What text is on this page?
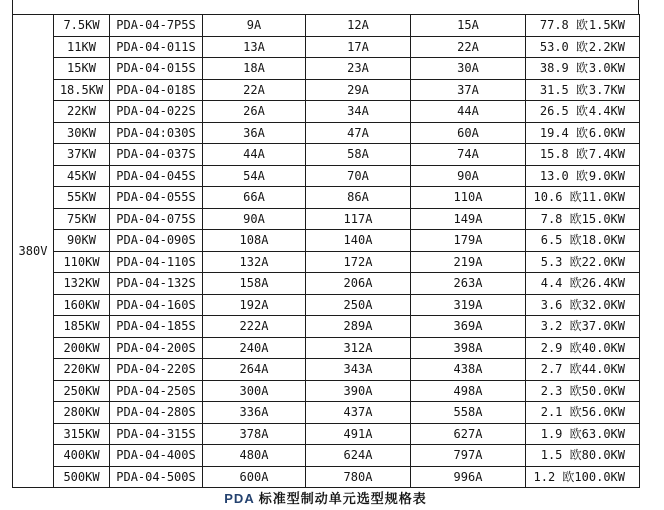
380V	7.5KW	PDA-04-7P5S	9A	12A	15A	77.8 欧 1.5KW

	11KW	PDA-04-011S	13A	17A	22A	53.0 欧 2.2KW

	15KW	PDA-04-015S	18A	23A	30A	38.9 欧 3.0KW

	18.5KW	PDA-04-018S	22A	29A	37A	31.5 欧 3.7KW

	22KW	PDA-04-022S	26A	34A	44A	26.5 欧 4.4KW

	30KW	PDA-04:030S	36A	47A	60A	19.4 欧 6.0KW

	37KW	PDA-04-037S	44A	58A	74A	15.8 欧 7.4KW

	45KW	PDA-04-045S	54A	70A	90A	13.0 欧 9.0KW

	55KW	PDA-04-055S	66A	86A	110A	10.6 欧 11.0KW

	75KW	PDA-04-075S	90A	117A	149A	7.8 欧 15.0KW

	90KW	PDA-04-090S	108A	140A	179A	6.5 欧 18.0KW

	110KW	PDA-04-110S	132A	172A	219A	5.3 欧 22.0KW

	132KW	PDA-04-132S	158A	206A	263A	4.4 欧 26.4KW

	160KW	PDA-04-160S	192A	250A	319A	3.6 欧 32.0KW

	185KW	PDA-04-185S	222A	289A	369A	3.2 欧 37.0KW

	200KW	PDA-04-200S	240A	312A	398A	2.9 欧 40.0KW

	220KW	PDA-04-220S	264A	343A	438A	2.7 欧 44.0KW

	250KW	PDA-04-250S	300A	390A	498A	2.3 欧 50.0KW

	280KW	PDA-04-280S	336A	437A	558A	2.1 欧 56.0KW

	315KW	PDA-04-315S	378A	491A	627A	1.9 欧 63.0KW

	400KW	PDA-04-400S	480A	624A	797A	1.5 欧 80.0KW

	500KW	PDA-04-500S	600A	780A	996A	1.2 欧 100.0KW
PDA 标准型制动单元选型规格表
